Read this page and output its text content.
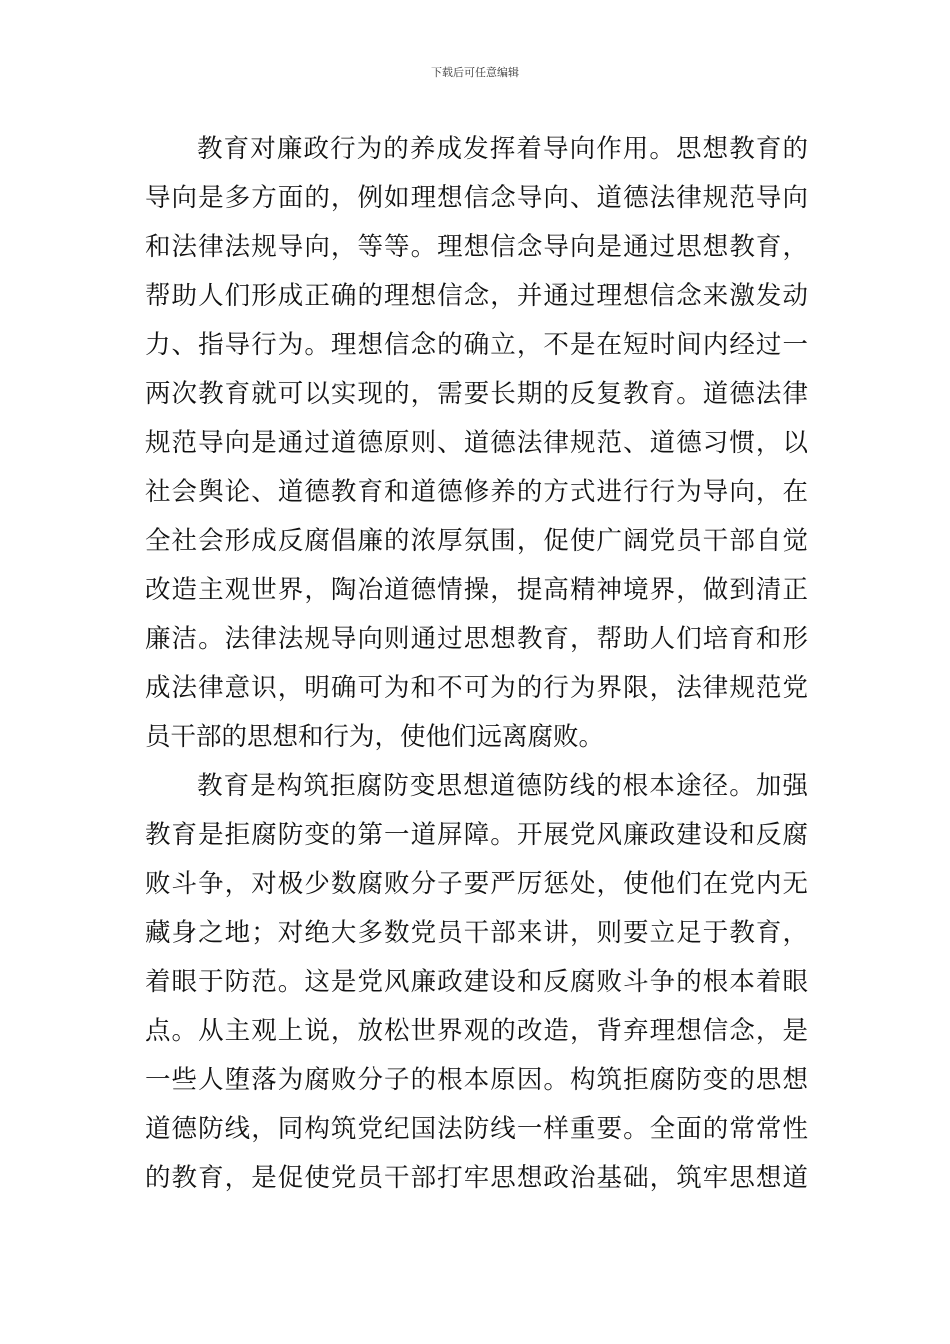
下载后可任意编辑
教育对廉政行为的养成发挥着导向作用。思想教育的
导向是多方面的，例如理想信念导向、道德法律规范导向
和法律法规导向，等等。理想信念导向是通过思想教育，
帮助人们形成正确的理想信念，并通过理想信念来激发动
力、指导行为。理想信念的确立，不是在短时间内经过一
两次教育就可以实现的，需要长期的反复教育。道德法律
规范导向是通过道德原则、道德法律规范、道德习惯，以
社会舆论、道德教育和道德修养的方式进行行为导向，在
全社会形成反腐倡廉的浓厚氛围，促使广阔党员干部自觉
改造主观世界，陶冶道德情操，提高精神境界，做到清正
廉洁。法律法规导向则通过思想教育，帮助人们培育和形
成法律意识，明确可为和不可为的行为界限，法律规范党
员干部的思想和行为，使他们远离腐败。
教育是构筑拒腐防变思想道德防线的根本途径。加强
教育是拒腐防变的第一道屏障。开展党风廉政建设和反腐
败斗争，对极少数腐败分子要严厉惩处，使他们在党内无
藏身之地；对绝大多数党员干部来讲，则要立足于教育，
着眼于防范。这是党风廉政建设和反腐败斗争的根本着眼
点。从主观上说，放松世界观的改造，背弃理想信念，是
一些人堕落为腐败分子的根本原因。构筑拒腐防变的思想
道德防线，同构筑党纪国法防线一样重要。全面的常常性
的教育，是促使党员干部打牢思想政治基础，筑牢思想道
